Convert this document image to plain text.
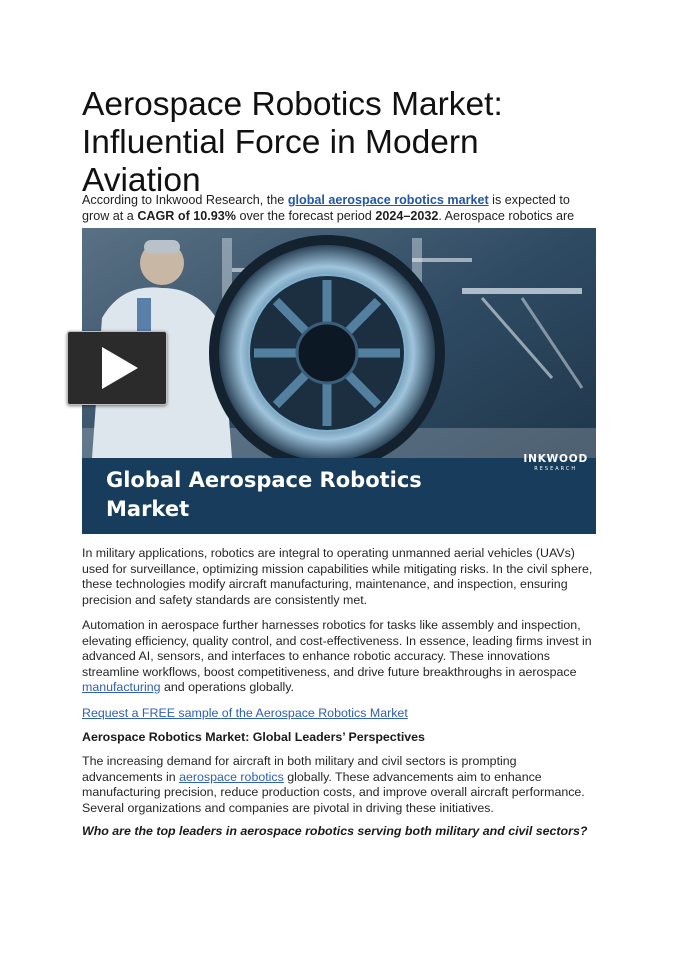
Aerospace Robotics Market: Influential Force in Modern Aviation

According to Inkwood Research, the global aerospace robotics market is expected to grow at a CAGR of 10.93% over the forecast period 2024–2032. Aerospace robotics are

INKWOOD
RESEARCH

Global Aerospace Robotics Market

In military applications, robotics are integral to operating unmanned aerial vehicles (UAVs) used for surveillance, optimizing mission capabilities while mitigating risks. In the civil sphere, these technologies modify aircraft manufacturing, maintenance, and inspection, ensuring precision and safety standards are consistently met.

Automation in aerospace further harnesses robotics for tasks like assembly and inspection, elevating efficiency, quality control, and cost-effectiveness. In essence, leading firms invest in advanced AI, sensors, and interfaces to enhance robotic accuracy. These innovations streamline workflows, boost competitiveness, and drive future breakthroughs in aerospace manufacturing and operations globally.

Request a FREE sample of the Aerospace Robotics Market

Aerospace Robotics Market: Global Leaders’ Perspectives

The increasing demand for aircraft in both military and civil sectors is prompting advancements in aerospace robotics globally. These advancements aim to enhance manufacturing precision, reduce production costs, and improve overall aircraft performance. Several organizations and companies are pivotal in driving these initiatives.

Who are the top leaders in aerospace robotics serving both military and civil sectors?
